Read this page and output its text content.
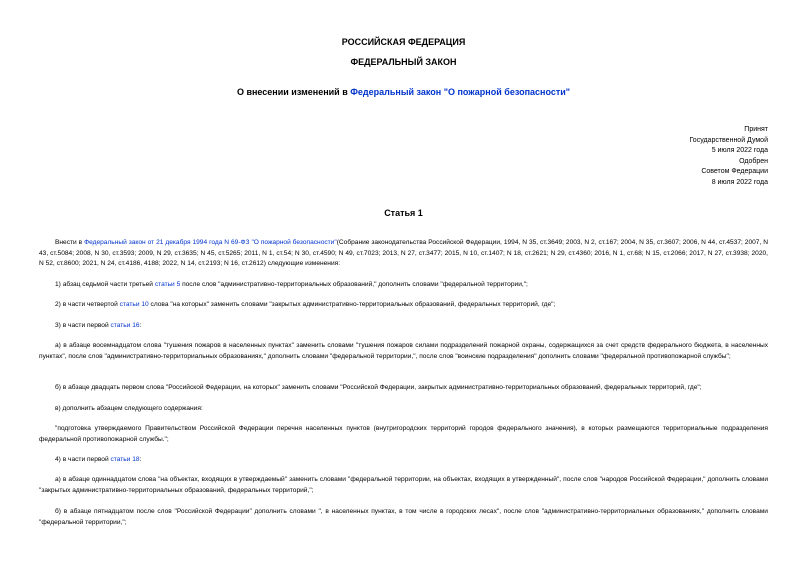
РОССИЙСКАЯ ФЕДЕРАЦИЯ
ФЕДЕРАЛЬНЫЙ ЗАКОН
О внесении изменений в Федеральный закон "О пожарной безопасности"
Принят
Государственной Думой
5 июля 2022 года
Одобрен
Советом Федерации
8 июля 2022 года
Статья 1
Внести в Федеральный закон от 21 декабря 1994 года N 69-ФЗ "О пожарной безопасности"(Собрание законодательства Российской Федерации, 1994, N 35, ст.3649; 2003, N 2, ст.167; 2004, N 35, ст.3607; 2006, N 44, ст.4537; 2007, N 43, ст.5084; 2008, N 30, ст.3593; 2009, N 29, ст.3635; N 45, ст.5265; 2011, N 1, ст.54; N 30, ст.4590; N 49, ст.7023; 2013, N 27, ст.3477; 2015, N 10, ст.1407; N 18, ст.2621; N 29, ст.4360; 2016, N 1, ст.68; N 15, ст.2066; 2017, N 27, ст.3938; 2020, N 52, ст.8600; 2021, N 24, ст.4186, 4188; 2022, N 14, ст.2193; N 16, ст.2612) следующие изменения:
1) абзац седьмой части третьей статьи 5 после слов "административно-территориальных образований," дополнить словами "федеральной территории,";
2) в части четвертой статьи 10 слова "на которых" заменить словами "закрытых административно-территориальных образований, федеральных территорий, где";
3) в части первой статьи 16:
а) в абзаце восемнадцатом слова "тушения пожаров в населенных пунктах" заменить словами "тушения пожаров силами подразделений пожарной охраны, содержащихся за счет средств федерального бюджета, в населенных пунктах", после слов "административно-территориальных образованиях," дополнить словами "федеральной территории,", после слов "воинские подразделения" дополнить словами "федеральной противопожарной службы";
б) в абзаце двадцать первом слова "Российской Федерации, на которых" заменить словами "Российской Федерации, закрытых административно-территориальных образований, федеральных территорий, где";
в) дополнить абзацем следующего содержания:
"подготовка утверждаемого Правительством Российской Федерации перечня населенных пунктов (внутригородских территорий городов федерального значения), в которых размещаются территориальные подразделения федеральной противопожарной службы.";
4) в части первой статьи 18:
а) в абзаце одиннадцатом слова "на объектах, входящих в утверждаемый" заменить словами "федеральной территории, на объектах, входящих в утвержденный", после слов "народов Российской Федерации," дополнить словами "закрытых административно-территориальных образований, федеральных территорий,";
б) в абзаце пятнадцатом после слов "Российской Федерации" дополнить словами ", в населенных пунктах, в том числе в городских лесах", после слов "административно-территориальных образованиях," дополнить словами "федеральной территории,";
